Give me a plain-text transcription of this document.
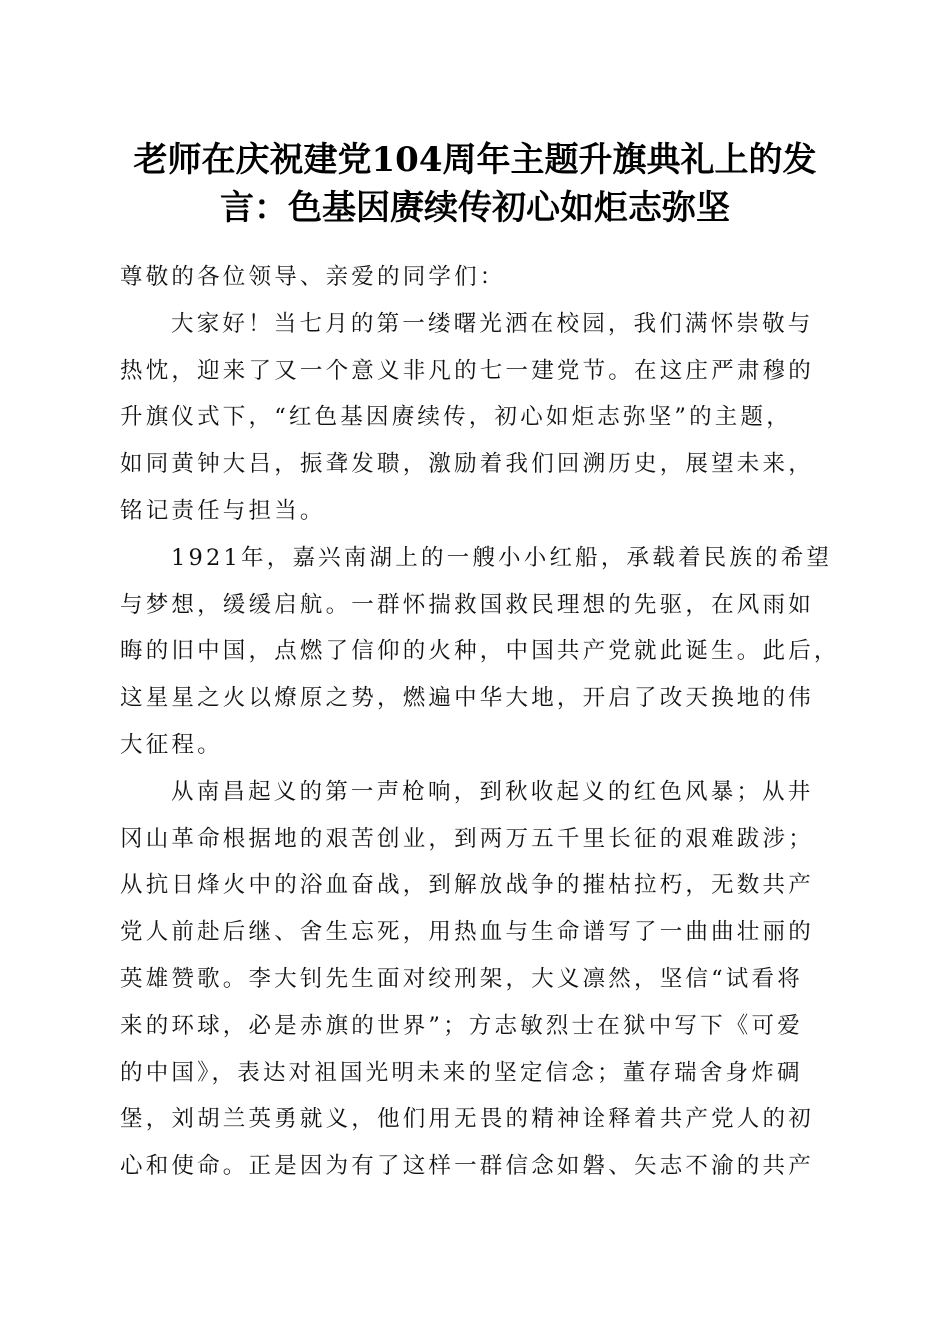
老师在庆祝建党104周年主题升旗典礼上的发
言：色基因赓续传初心如炬志弥坚

尊敬的各位领导、亲爱的同学们：

大家好！当七月的第一缕曙光洒在校园，我们满怀崇敬与
热忱，迎来了又一个意义非凡的七一建党节。在这庄严肃穆的
升旗仪式下，“红色基因赓续传，初心如炬志弥坚”的主题，
如同黄钟大吕，振聋发聩，激励着我们回溯历史，展望未来，
铭记责任与担当。
1921年，嘉兴南湖上的一艘小小红船，承载着民族的希望
与梦想，缓缓启航。一群怀揣救国救民理想的先驱，在风雨如
晦的旧中国，点燃了信仰的火种，中国共产党就此诞生。此后，
这星星之火以燎原之势，燃遍中华大地，开启了改天换地的伟
大征程。
从南昌起义的第一声枪响，到秋收起义的红色风暴；从井
冈山革命根据地的艰苦创业，到两万五千里长征的艰难跋涉；
从抗日烽火中的浴血奋战，到解放战争的摧枯拉朽，无数共产
党人前赴后继、舍生忘死，用热血与生命谱写了一曲曲壮丽的
英雄赞歌。李大钊先生面对绞刑架，大义凛然，坚信“试看将
来的环球，必是赤旗的世界”；方志敏烈士在狱中写下《可爱
的中国》，表达对祖国光明未来的坚定信念；董存瑞舍身炸碉
堡，刘胡兰英勇就义，他们用无畏的精神诠释着共产党人的初
心和使命。正是因为有了这样一群信念如磐、矢志不渝的共产
